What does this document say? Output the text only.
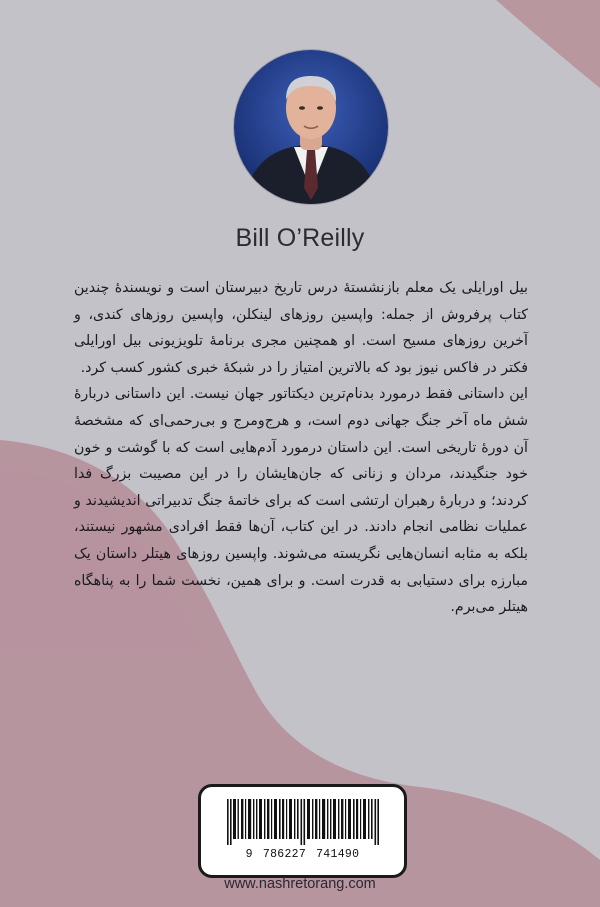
Bill O’Reilly

بیل اورایلی یک معلم بازنشستهٔ درس تاریخ دبیرستان است و نویسندهٔ چندین کتاب پرفروش از جمله: واپسین روزهای لینکلن، واپسین روزهای کندی، و آخرین روزهای مسیح است. او همچنین مجری برنامهٔ تلویزیونی بیل اورایلی فکتر در فاکس نیوز بود که بالاترین امتیاز را در شبکهٔ خبری کشور کسب کرد.

این داستانی فقط درمورد بدنام‌ترین دیکتاتور جهان نیست. این داستانی دربارهٔ شش ماه آخر جنگ جهانی دوم است، و هرج‌ومرج و بی‌رحمی‌ای که مشخصهٔ آن دورهٔ تاریخی است. این داستان درمورد آدم‌هایی است که با گوشت و خون خود جنگیدند، مردان و زنانی که جان‌هایشان را در این مصیبت بزرگ فدا کردند؛ و دربارهٔ رهبران ارتشی است که برای خاتمهٔ جنگ تدبیراتی اندیشیدند و عملیات نظامی انجام دادند. در این کتاب، آن‌ها فقط افرادی مشهور نیستند، بلکه به مثابه انسان‌هایی نگریسته می‌شوند. واپسین روزهای هیتلر داستان یک مبارزه برای دستیابی به قدرت است. و برای همین، نخست شما را به پناهگاه هیتلر می‌برم.

9 786227 741490
www.nashretorang.com
